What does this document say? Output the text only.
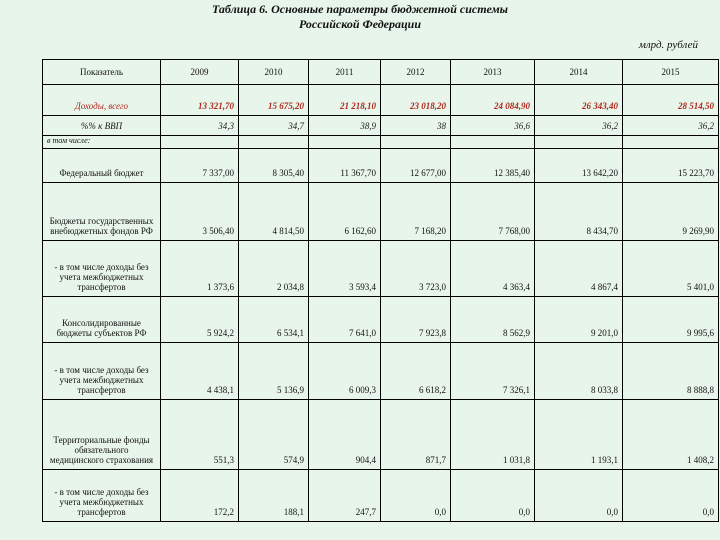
Таблица 6. Основные параметры бюджетной системы
Российской Федерации
млрд. рублей
Показатель	2009	2010	2011	2012	2013	2014	2015
Доходы, всего	13 321,70	15 675,20	21 218,10	23 018,20	24 084,90	26 343,40	28 514,50
%% к ВВП	34,3	34,7	38,9	38	36,6	36,2	36,2
в том числе:							
Федеральный бюджет	7 337,00	8 305,40	11 367,70	12 677,00	12 385,40	13 642,20	15 223,70
Бюджеты государственных внебюджетных фондов РФ	3 506,40	4 814,50	6 162,60	7 168,20	7 768,00	8 434,70	9 269,90
- в том числе доходы без учета межбюджетных трансфертов	1 373,6	2 034,8	3 593,4	3 723,0	4 363,4	4 867,4	5 401,0
Консолидированные бюджеты субъектов РФ	5 924,2	6 534,1	7 641,0	7 923,8	8 562,9	9 201,0	9 995,6
- в том числе доходы без учета межбюджетных трансфертов	4 438,1	5 136,9	6 009,3	6 618,2	7 326,1	8 033,8	8 888,8
Территориальные фонды обязательного медицинского страхования	551,3	574,9	904,4	871,7	1 031,8	1 193,1	1 408,2
- в том числе доходы без учета межбюджетных трансфертов	172,2	188,1	247,7	0,0	0,0	0,0	0,0
